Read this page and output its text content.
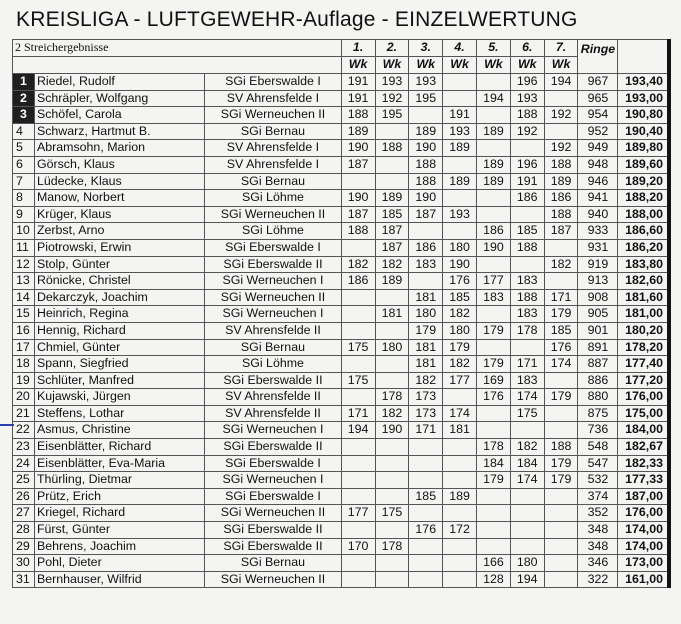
KREISLIGA - LUFTGEWEHR-Auflage - EINZELWERTUNG
2 Streichergebnisse			1.	2.	3.	4.	5.	6.	7.	Ringe	
			Wk	Wk	Wk	Wk	Wk	Wk	Wk		
1	Riedel, Rudolf	SGi Eberswalde I	191	193	193			196	194	967	193,40
2	Schräpler, Wolfgang	SV Ahrensfelde I	191	192	195		194	193		965	193,00
3	Schöfel, Carola	SGi Werneuchen II	188	195		191		188	192	954	190,80
4	Schwarz, Hartmut B.	SGi Bernau	189		189	193	189	192		952	190,40
5	Abramsohn, Marion	SV Ahrensfelde I	190	188	190	189			192	949	189,80
6	Görsch, Klaus	SV Ahrensfelde I	187		188		189	196	188	948	189,60
7	Lüdecke, Klaus	SGi Bernau			188	189	189	191	189	946	189,20
8	Manow, Norbert	SGi Löhme	190	189	190			186	186	941	188,20
9	Krüger, Klaus	SGi Werneuchen II	187	185	187	193			188	940	188,00
10	Zerbst, Arno	SGi Löhme	188	187			186	185	187	933	186,60
11	Piotrowski, Erwin	SGi Eberswalde I		187	186	180	190	188		931	186,20
12	Stolp, Günter	SGi Eberswalde II	182	182	183	190			182	919	183,80
13	Rönicke, Christel	SGi Werneuchen I	186	189		176	177	183		913	182,60
14	Dekarczyk, Joachim	SGi Werneuchen II			181	185	183	188	171	908	181,60
15	Heinrich, Regina	SGi Werneuchen I		181	180	182		183	179	905	181,00
16	Hennig, Richard	SV Ahrensfelde II			179	180	179	178	185	901	180,20
17	Chmiel, Günter	SGi Bernau	175	180	181	179			176	891	178,20
18	Spann, Siegfried	SGi Löhme			181	182	179	171	174	887	177,40
19	Schlüter, Manfred	SGi Eberswalde II	175		182	177	169	183		886	177,20
20	Kujawski, Jürgen	SV Ahrensfelde II		178	173		176	174	179	880	176,00
21	Steffens, Lothar	SV Ahrensfelde II	171	182	173	174		175		875	175,00
22	Asmus, Christine	SGi Werneuchen I	194	190	171	181				736	184,00
23	Eisenblätter, Richard	SGi Eberswalde II					178	182	188	548	182,67
24	Eisenblätter, Eva-Maria	SGi Eberswalde I					184	184	179	547	182,33
25	Thürling, Dietmar	SGi Werneuchen I					179	174	179	532	177,33
26	Prütz, Erich	SGi Eberswalde I			185	189				374	187,00
27	Kriegel, Richard	SGi Werneuchen II	177	175						352	176,00
28	Fürst, Günter	SGi Eberswalde II			176	172				348	174,00
29	Behrens, Joachim	SGi Eberswalde II	170	178						348	174,00
30	Pohl, Dieter	SGi Bernau					166	180		346	173,00
31	Bernhauser, Wilfrid	SGi Werneuchen II					128	194		322	161,00
